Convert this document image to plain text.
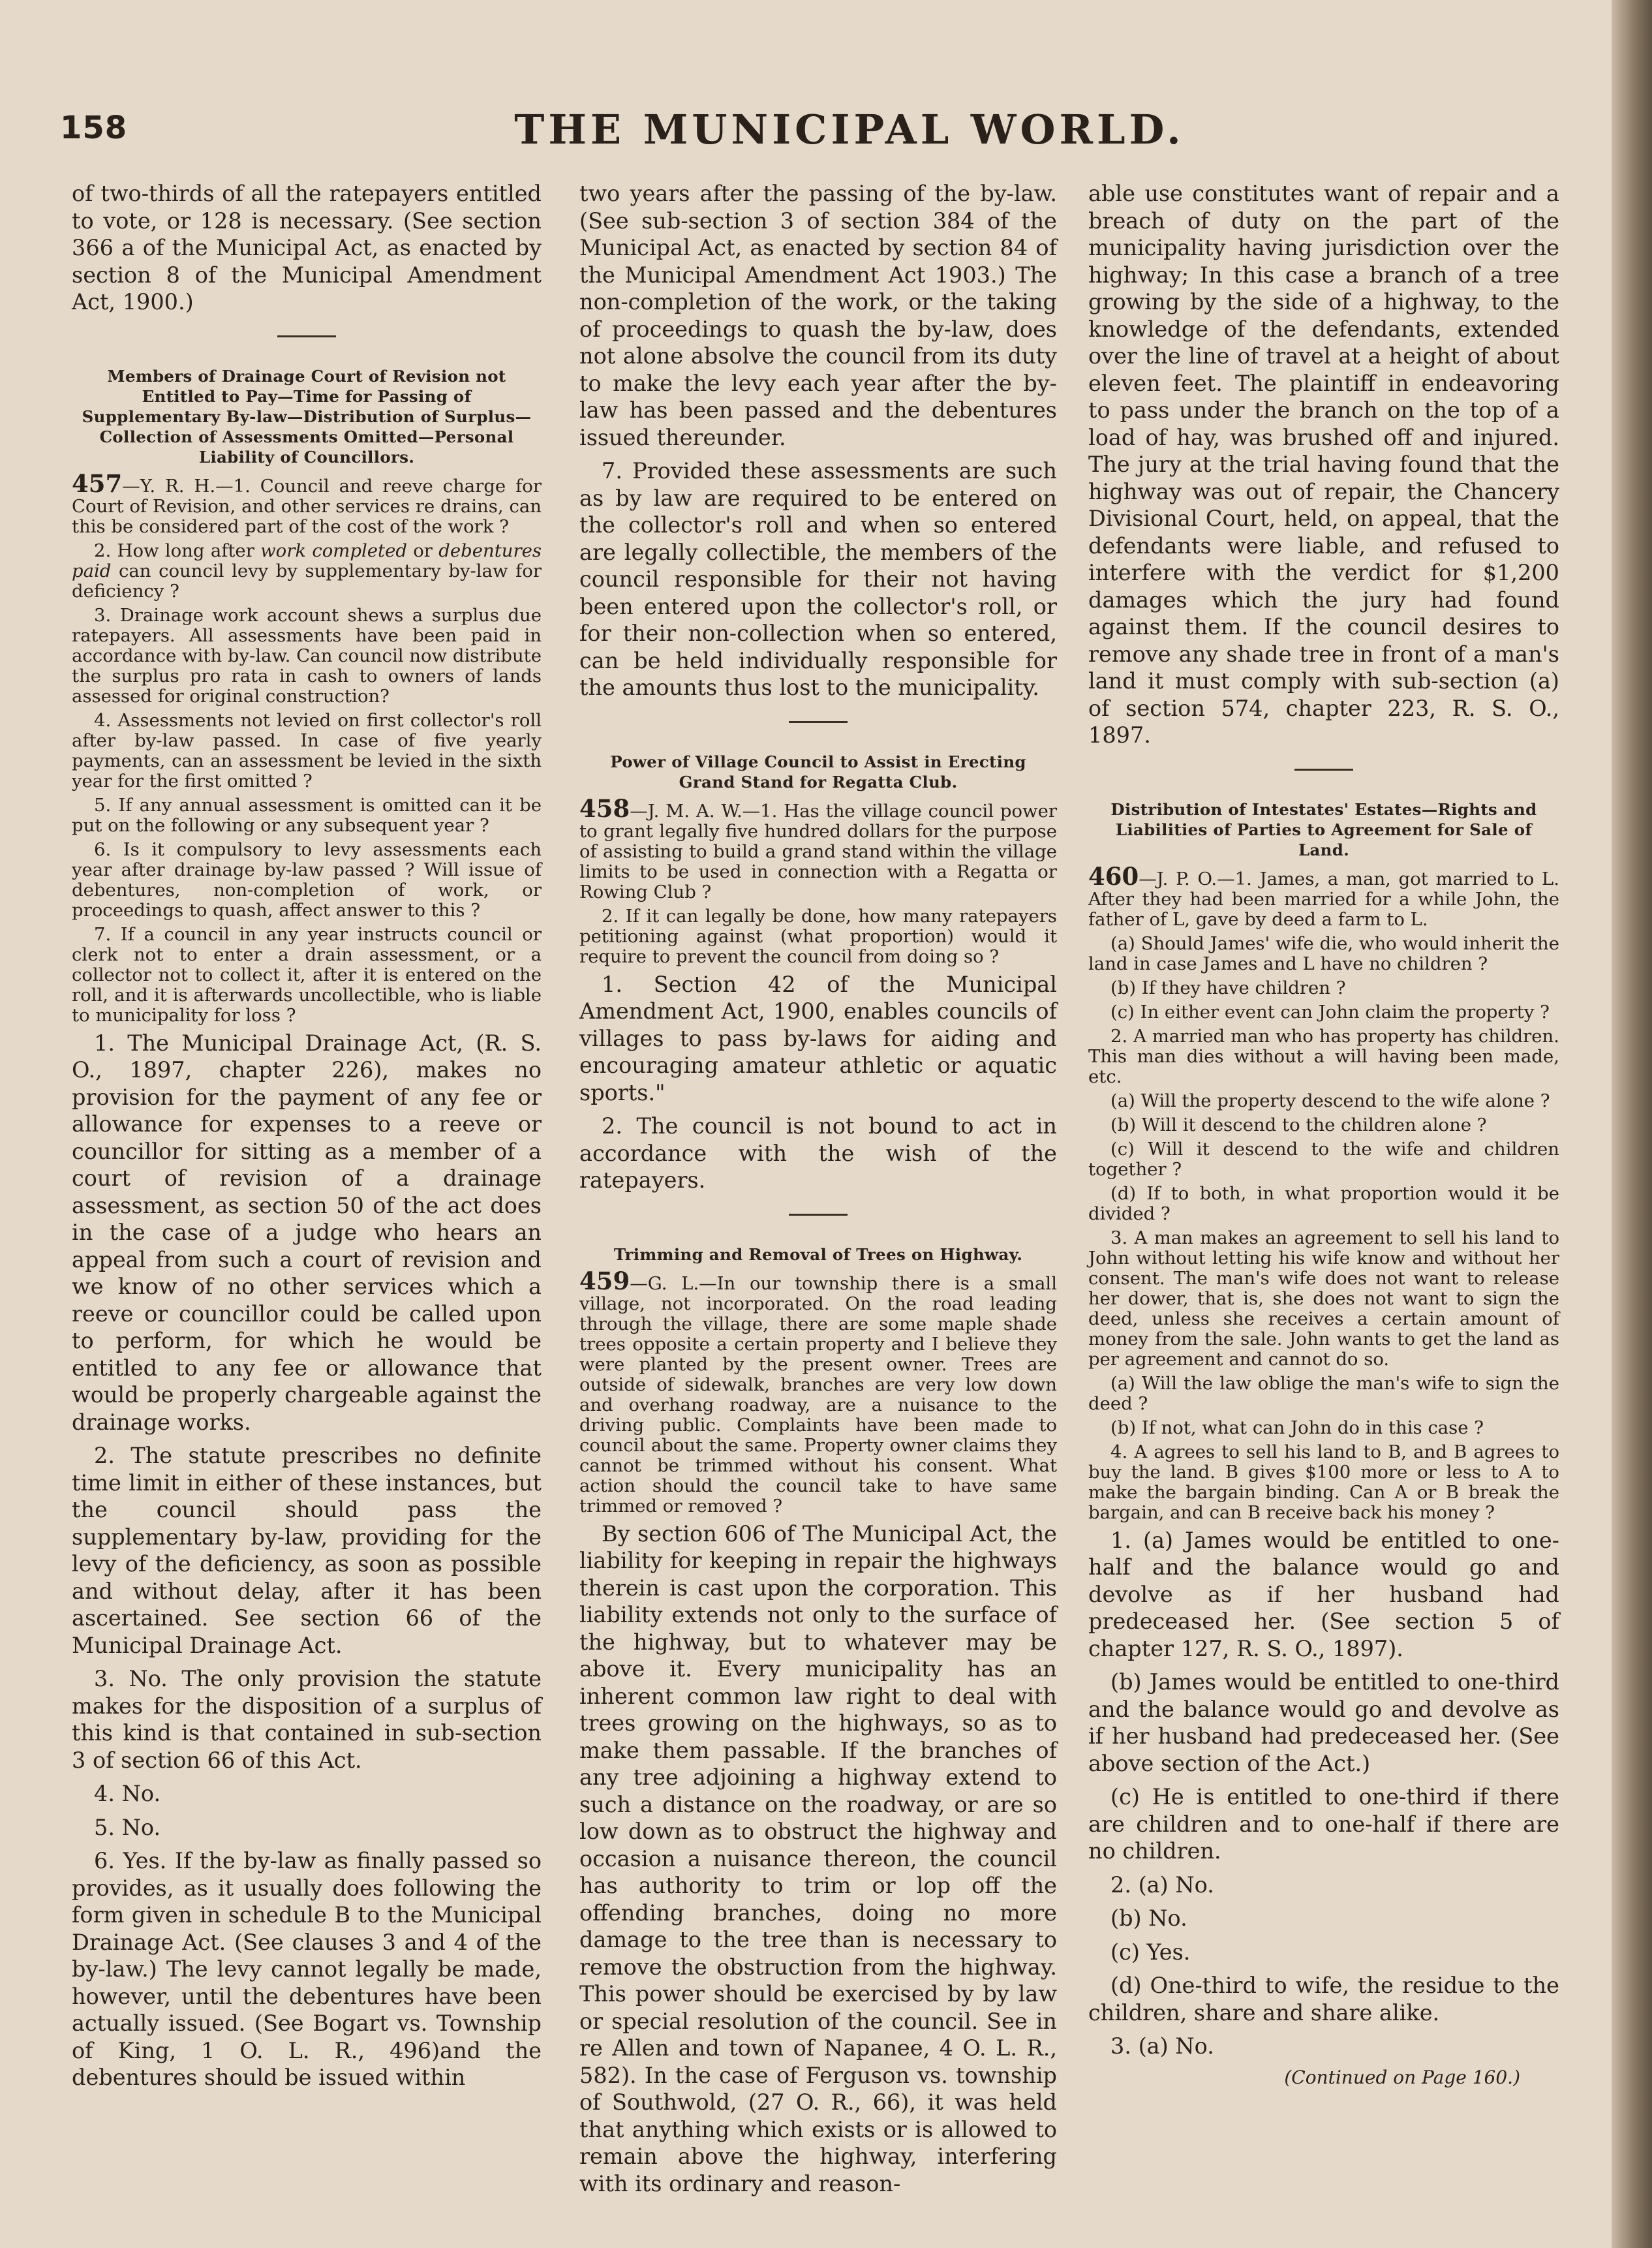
158	THE MUNICIPAL WORLD.

of two-thirds of all the ratepayers entitled to vote, or 128 is necessary. (See section 366 a of the Municipal Act, as enacted by section 8 of the Municipal Amendment Act, 1900.)

Members of Drainage Court of Revision not Entitled to Pay—Time for Passing of Supplementary By-law—Distribution of Surplus—Collection of Assessments Omitted—Personal Liability of Councillors.

457—Y. R. H.—1. Council and reeve charge for Court of Revision, and other services re drains, can this be considered part of the cost of the work ?

2. How long after work completed or debentures paid can council levy by supplementary by-law for deficiency ?

3. Drainage work account shews a surplus due ratepayers. All assessments have been paid in accordance with by-law. Can council now distribute the surplus pro rata in cash to owners of lands assessed for original construction?

4. Assessments not levied on first collector's roll after by-law passed. In case of five yearly payments, can an assessment be levied in the sixth year for the first omitted ?

5. If any annual assessment is omitted can it be put on the following or any subsequent year ?

6. Is it compulsory to levy assessments each year after drainage by-law passed ? Will issue of debentures, non-completion of work, or proceedings to quash, affect answer to this ?

7. If a council in any year instructs council or clerk not to enter a drain assessment, or a collector not to collect it, after it is entered on the roll, and it is afterwards uncollectible, who is liable to municipality for loss ?

1. The Municipal Drainage Act, (R. S. O., 1897, chapter 226), makes no provision for the payment of any fee or allowance for expenses to a reeve or councillor for sitting as a member of a court of revision of a drainage assessment, as section 50 of the act does in the case of a judge who hears an appeal from such a court of revision and we know of no other services which a reeve or councillor could be called upon to perform, for which he would be entitled to any fee or allowance that would be properly chargeable against the drainage works.

2. The statute prescribes no definite time limit in either of these instances, but the council should pass the supplementary by-law, providing for the levy of the deficiency, as soon as possible and without delay, after it has been ascertained. See section 66 of the Municipal Drainage Act.

3. No. The only provision the statute makes for the disposition of a surplus of this kind is that contained in sub-section 3 of section 66 of this Act.

4. No.

5. No.

6. Yes. If the by-law as finally passed so provides, as it usually does following the form given in schedule B to the Municipal Drainage Act. (See clauses 3 and 4 of the by-law.) The levy cannot legally be made, however, until the debentures have been actually issued. (See Bogart vs. Township of King, 1 O. L. R., 496)and the debentures should be issued within

two years after the passing of the by-law. (See sub-section 3 of section 384 of the Municipal Act, as enacted by section 84 of the Municipal Amendment Act 1903.) The non-completion of the work, or the taking of proceedings to quash the by-law, does not alone absolve the council from its duty to make the levy each year after the by-law has been passed and the debentures issued thereunder.

7. Provided these assessments are such as by law are required to be entered on the collector's roll and when so entered are legally collectible, the members of the council responsible for their not having been entered upon the collector's roll, or for their non-collection when so entered, can be held individually responsible for the amounts thus lost to the municipality.

Power of Village Council to Assist in Erecting Grand Stand for Regatta Club.

458—J. M. A. W.—1. Has the village council power to grant legally five hundred dollars for the purpose of assisting to build a grand stand within the village limits to be used in connection with a Regatta or Rowing Club ?

2. If it can legally be done, how many ratepayers petitioning against (what proportion) would it require to prevent the council from doing so ?

1. Section 42 of the Municipal Amendment Act, 1900, enables councils of villages to pass by-laws for aiding and encouraging amateur athletic or aquatic sports."

2. The council is not bound to act in accordance with the wish of the ratepayers.

Trimming and Removal of Trees on Highway.

459—G. L.—In our township there is a small village, not incorporated. On the road leading through the village, there are some maple shade trees opposite a certain property and I believe they were planted by the present owner. Trees are outside of sidewalk, branches are very low down and overhang roadway, are a nuisance to the driving public. Complaints have been made to council about the same. Property owner claims they cannot be trimmed without his consent. What action should the council take to have same trimmed or removed ?

By section 606 of The Municipal Act, the liability for keeping in repair the highways therein is cast upon the corporation. This liability extends not only to the surface of the highway, but to whatever may be above it. Every municipality has an inherent common law right to deal with trees growing on the highways, so as to make them passable. If the branches of any tree adjoining a highway extend to such a distance on the roadway, or are so low down as to obstruct the highway and occasion a nuisance thereon, the council has authority to trim or lop off the offending branches, doing no more damage to the tree than is necessary to remove the obstruction from the highway. This power should be exercised by by law or special resolution of the council. See in re Allen and town of Napanee, 4 O. L. R., 582). In the case of Ferguson vs. township of Southwold, (27 O. R., 66), it was held that anything which exists or is allowed to remain above the highway, interfering with its ordinary and reason-

able use constitutes want of repair and a breach of duty on the part of the municipality having jurisdiction over the highway; In this case a branch of a tree growing by the side of a highway, to the knowledge of the defendants, extended over the line of travel at a height of about eleven feet. The plaintiff in endeavoring to pass under the branch on the top of a load of hay, was brushed off and injured. The jury at the trial having found that the highway was out of repair, the Chancery Divisional Court, held, on appeal, that the defendants were liable, and refused to interfere with the verdict for $1,200 damages which the jury had found against them. If the council desires to remove any shade tree in front of a man's land it must comply with sub-section (a) of section 574, chapter 223, R. S. O., 1897.

Distribution of Intestates' Estates—Rights and Liabilities of Parties to Agreement for Sale of Land.

460—J. P. O.—1. James, a man, got married to L. After they had been married for a while John, the father of L, gave by deed a farm to L.

(a) Should James' wife die, who would inherit the land in case James and L have no children ?

(b) If they have children ?

(c) In either event can John claim the property ?

2. A married man who has property has children. This man dies without a will having been made, etc.

(a) Will the property descend to the wife alone ?

(b) Will it descend to the children alone ?

(c) Will it descend to the wife and children together ?

(d) If to both, in what proportion would it be divided ?

3. A man makes an agreement to sell his land to John without letting his wife know and without her consent. The man's wife does not want to release her dower, that is, she does not want to sign the deed, unless she receives a certain amount of money from the sale. John wants to get the land as per agreement and cannot do so.

(a) Will the law oblige the man's wife to sign the deed ?

(b) If not, what can John do in this case ?

4. A agrees to sell his land to B, and B agrees to buy the land. B gives $100 more or less to A to make the bargain binding. Can A or B break the bargain, and can B receive back his money ?

1. (a) James would be entitled to one-half and the balance would go and devolve as if her husband had predeceased her. (See section 5 of chapter 127, R. S. O., 1897).

(b) James would be entitled to one-third and the balance would go and devolve as if her husband had predeceased her. (See above section of the Act.)

(c) He is entitled to one-third if there are children and to one-half if there are no children.

2. (a) No.

(b) No.

(c) Yes.

(d) One-third to wife, the residue to the children, share and share alike.

3. (a) No.

(Continued on Page 160.)
